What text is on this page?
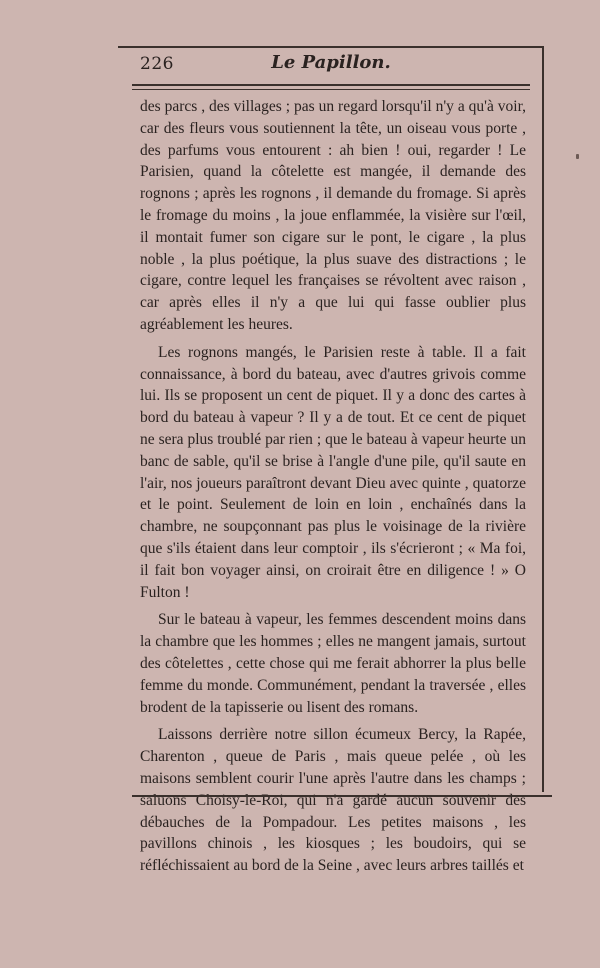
226	Le Papillon.

des parcs , des villages ; pas un regard lorsqu'il n'y a qu'à voir, car des fleurs vous soutiennent la tête, un oiseau vous porte , des parfums vous entourent : ah bien ! oui, regarder ! Le Parisien, quand la côtelette est mangée, il demande des rognons ; après les rognons , il demande du fromage. Si après le fromage du moins , la joue enflammée, la visière sur l'œil, il montait fumer son cigare sur le pont, le cigare , la plus noble , la plus poétique, la plus suave des distractions ; le cigare, contre lequel les françaises se révoltent avec raison , car après elles il n'y a que lui qui fasse oublier plus agréablement les heures.

Les rognons mangés, le Parisien reste à table. Il a fait connaissance, à bord du bateau, avec d'autres grivois comme lui. Ils se proposent un cent de piquet. Il y a donc des cartes à bord du bateau à vapeur ? Il y a de tout. Et ce cent de piquet ne sera plus troublé par rien ; que le bateau à vapeur heurte un banc de sable, qu'il se brise à l'angle d'une pile, qu'il saute en l'air, nos joueurs paraîtront devant Dieu avec quinte , quatorze et le point. Seulement de loin en loin , enchaînés dans la chambre, ne soupçonnant pas plus le voisinage de la rivière que s'ils étaient dans leur comptoir , ils s'écrieront ; « Ma foi, il fait bon voyager ainsi, on croirait être en diligence ! » O Fulton !

Sur le bateau à vapeur, les femmes descendent moins dans la chambre que les hommes ; elles ne mangent jamais, surtout des côtelettes , cette chose qui me ferait abhorrer la plus belle femme du monde. Communément, pendant la traversée , elles brodent de la tapisserie ou lisent des romans.

Laissons derrière notre sillon écumeux Bercy, la Rapée, Charenton , queue de Paris , mais queue pelée , où les maisons semblent courir l'une après l'autre dans les champs ; saluons Choisy-le-Roi, qui n'a gardé aucun souvenir des débauches de la Pompadour. Les petites maisons , les pavillons chinois , les kiosques ; les boudoirs, qui se réfléchissaient au bord de la Seine , avec leurs arbres taillés et
